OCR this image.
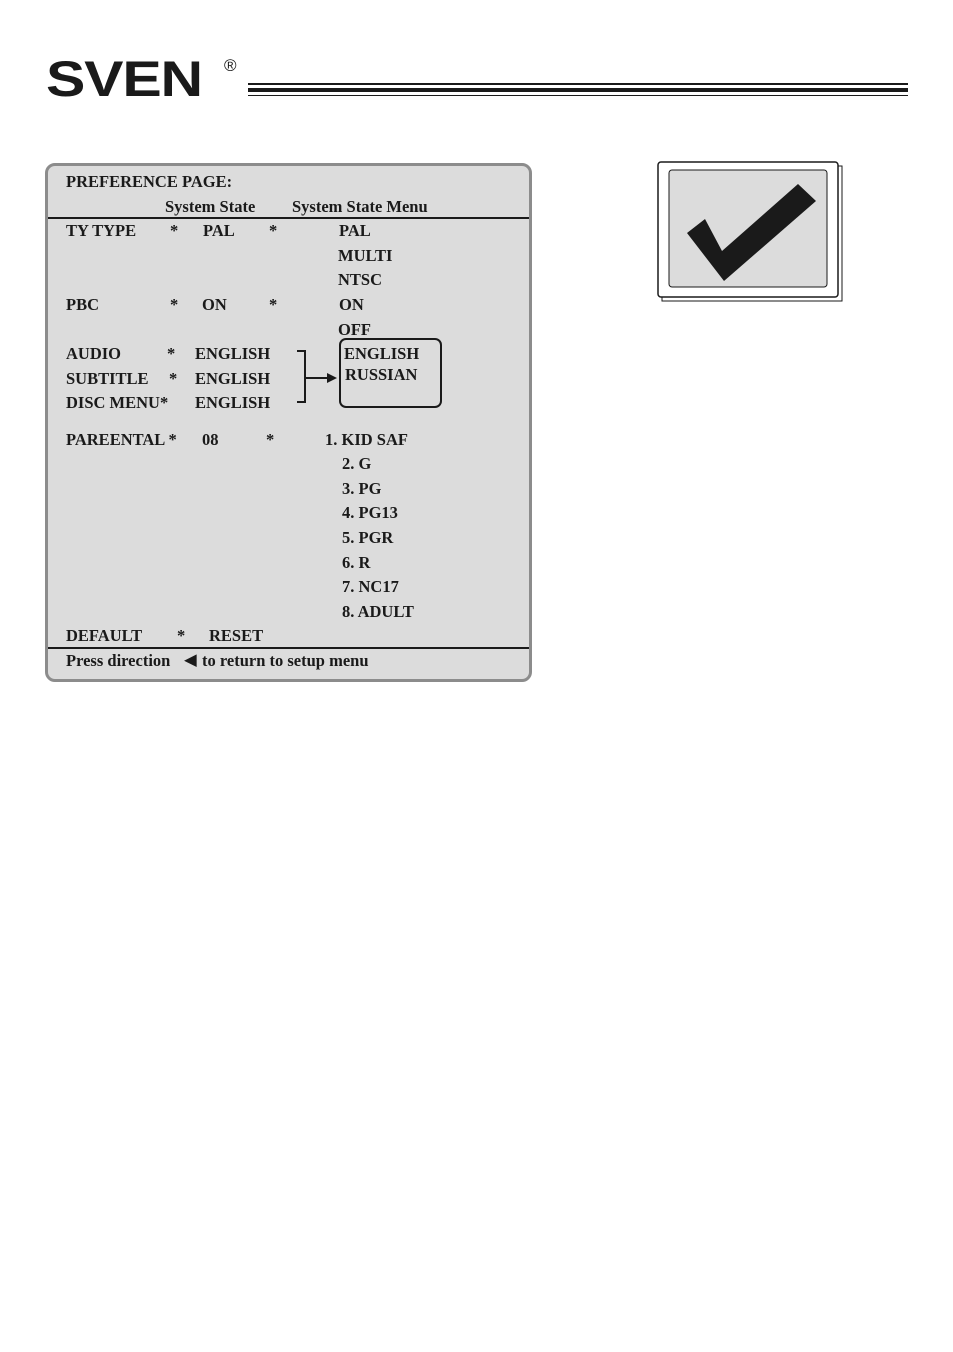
SVEN ®
PREFERENCE PAGE:
System State System State Menu
TY TYPE * PAL *	PAL
MULTI
NTSC
PBC	* ON	*	ON
OFF
AUDIO	* ENGLISH
SUBTITLE * ENGLISH
DISC MENU* ENGLISH
ENGLISH
RUSSIAN
PAREENTAL * 08	*	1. KID SAF
2. G
3. PG
4. PG13
5. PGR
6. R
7. NC17
8. ADULT
DEFAULT * RESET
Press direction ◀ to return to setup menu
